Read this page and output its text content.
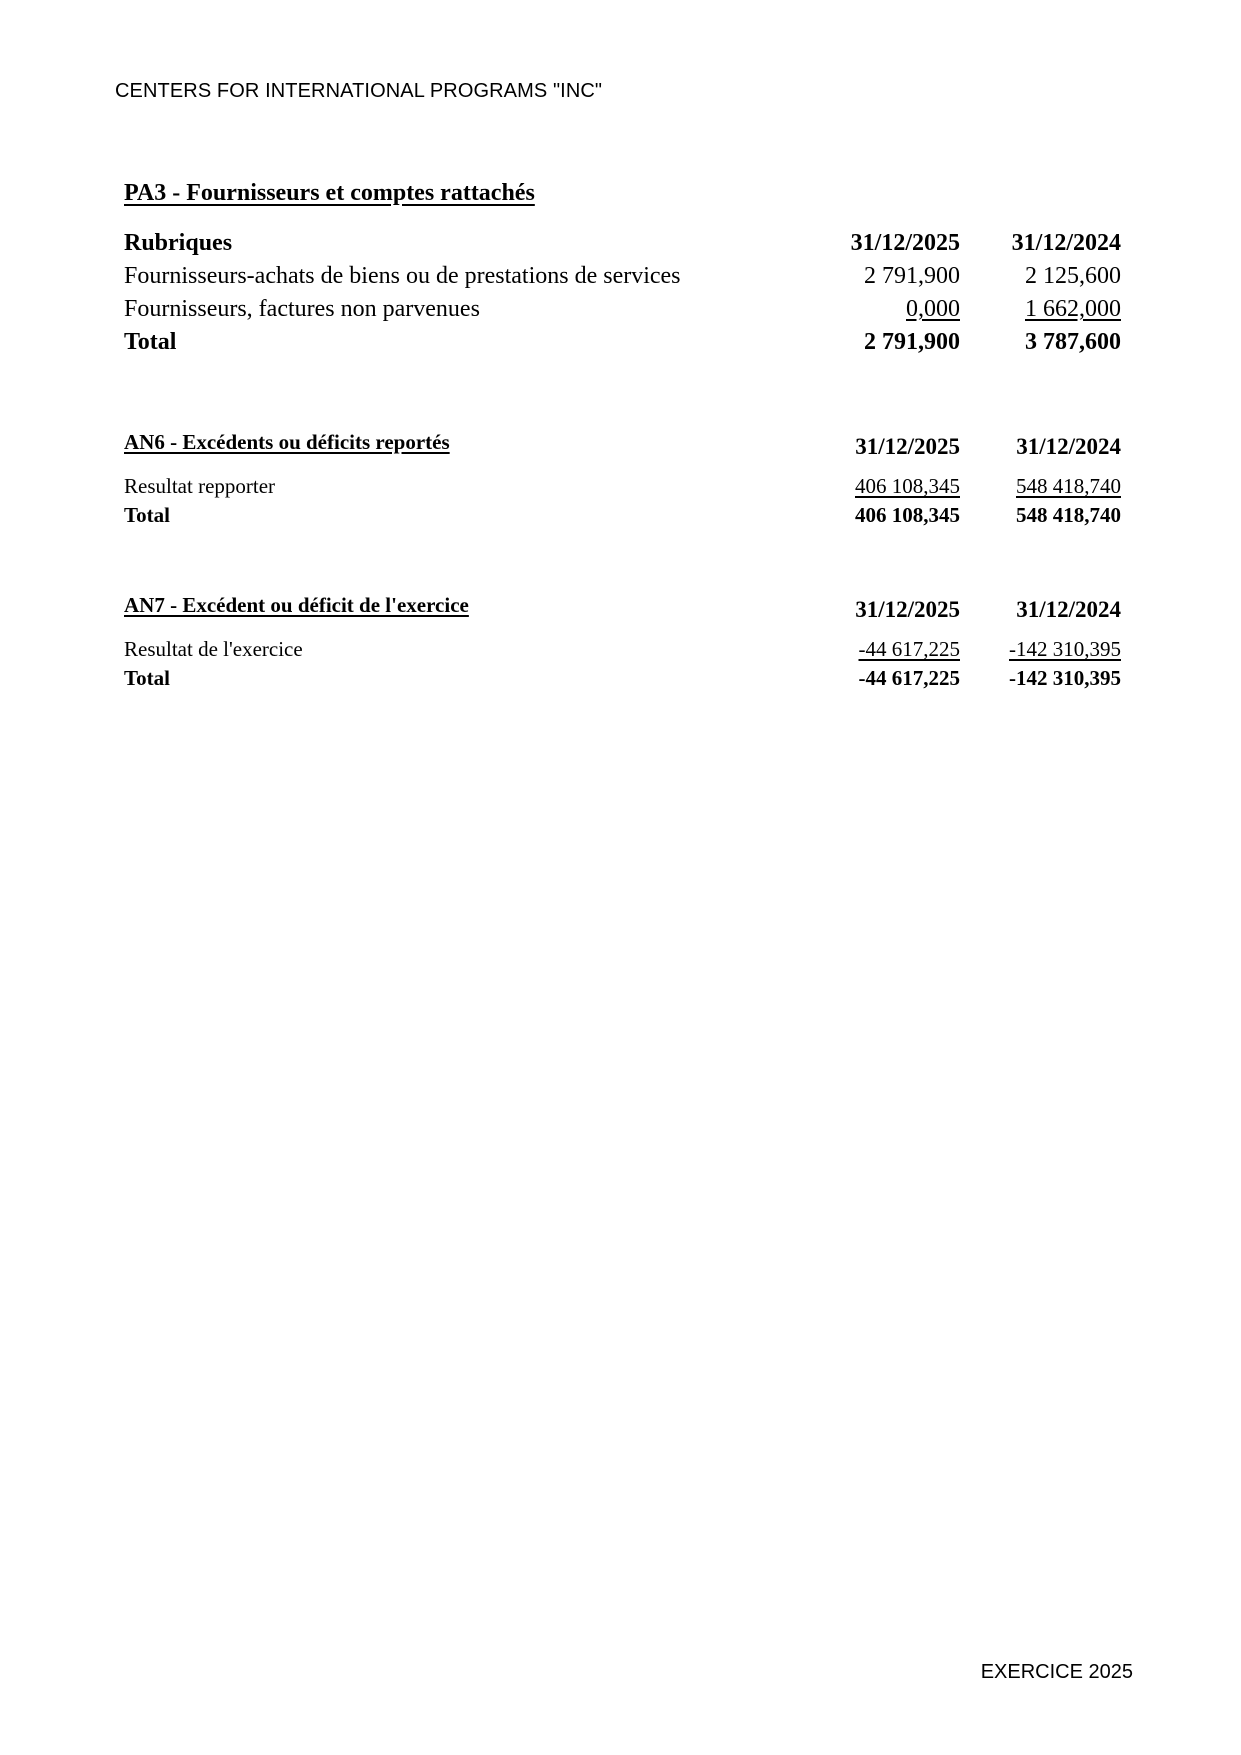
CENTERS FOR INTERNATIONAL PROGRAMS "INC"
PA3 - Fournisseurs et comptes rattachés
Rubriques	31/12/2025 31/12/2024
Fournisseurs-achats de biens ou de prestations de services	2 791,900	2 125,600
Fournisseurs, factures non parvenues	0,000	1 662,000
Total	2 791,900	3 787,600
AN6 - Excédents ou déficits reportés	31/12/2025 31/12/2024
Resultat repporter	406 108,345	548 418,740
Total	406 108,345	548 418,740
AN7 - Excédent ou déficit de l'exercice	31/12/2025 31/12/2024
Resultat de l'exercice	-44 617,225 -142 310,395
Total	-44 617,225 -142 310,395
EXERCICE 2025
